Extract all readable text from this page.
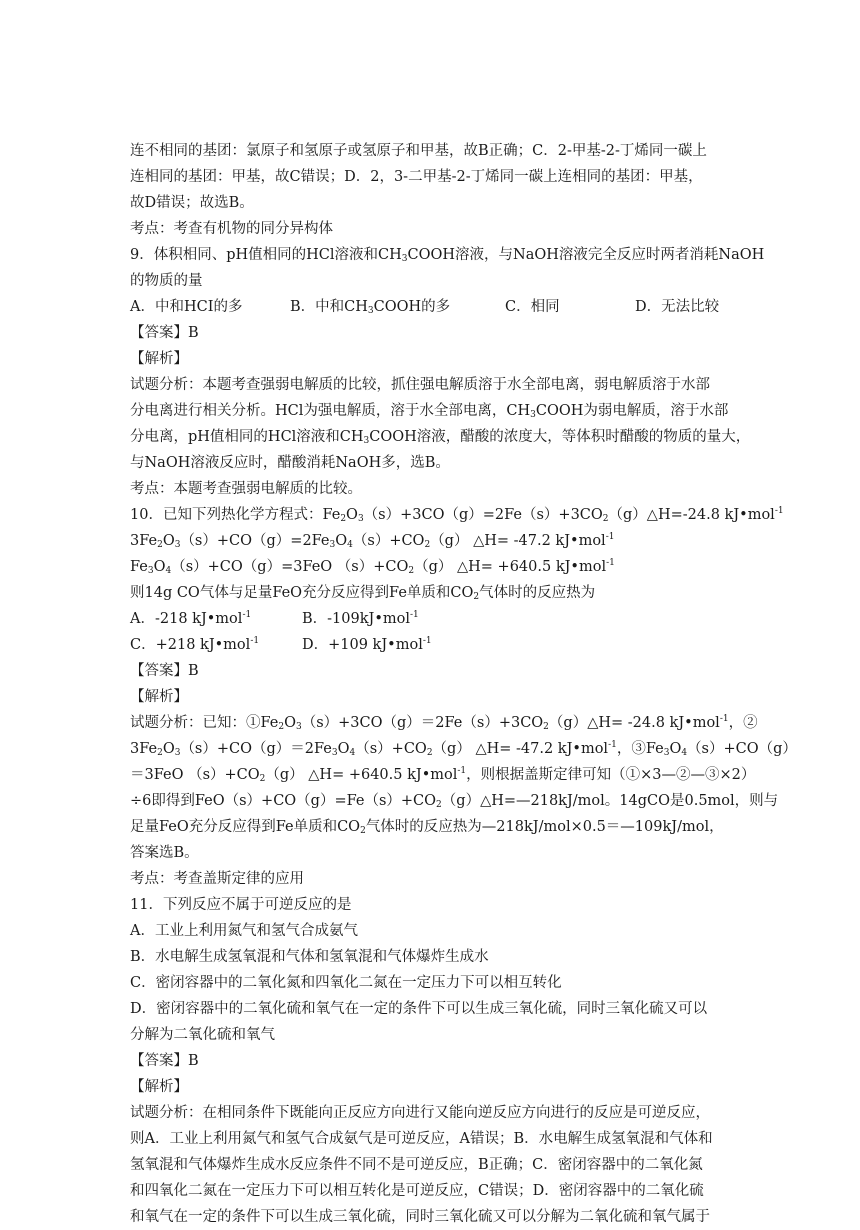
连不相同的基团：氯原子和氢原子或氢原子和甲基，故B正确；C．2-甲基-2-丁烯同一碳上
连相同的基团：甲基，故C错误；D．2，3-二甲基-2-丁烯同一碳上连相同的基团：甲基，
故D错误；故选B。
考点：考查有机物的同分异构体
9．体积相同、pH值相同的HCl溶液和$CH_3COOH$溶液，与NaOH溶液完全反应时两者消耗NaOH
的物质的量
A．中和HCI的多	B．中和$CH_3COOH$的多	C．相同	D．无法比较
【答案】B
【解析】
试题分析：本题考查强弱电解质的比较，抓住强电解质溶于水全部电离，弱电解质溶于水部
分电离进行相关分析。HCl为强电解质，溶于水全部电离，$CH_3COOH$为弱电解质，溶于水部
分电离，pH值相同的HCl溶液和$CH_3COOH$溶液，醋酸的浓度大，等体积时醋酸的物质的量大，
与NaOH溶液反应时，醋酸消耗NaOH多，选B。
考点：本题考查强弱电解质的比较。
10．已知下列热化学方程式：$Fe_2O_3(s)+3CO(g)=2Fe(s)+3CO_2(g)\triangle H=-24.8$ kJ•mol$^{-1}$
$3Fe_2O_3(s)+CO(g)=2Fe_3O_4(s)+CO_2(g)$ △H= -47.2 kJ•mol$^{-1}$
$Fe_3O_4(s)+CO(g)=3FeO$ $(s)+CO_2(g)$ △H= +640.5 kJ•mol$^{-1}$
则14g CO气体与足量FeO充分反应得到Fe单质和$CO_2$气体时的反应热为
A．-218 kJ•mol$^{-1}$	B．-109kJ•mol$^{-1}$
C．+218 kJ•mol$^{-1}$	D．+109 kJ•mol$^{-1}$
【答案】B
【解析】
试题分析：已知：$①Fe_2O_3(s)+3CO(g)=2Fe(s)+3CO_2(g)\triangle H= -24.8$ kJ•mol$^{-1}$，②
$3Fe_2O_3(s)+CO(g)=2Fe_3O_4(s)+CO_2(g)$ △H= -47.2 kJ•mol$^{-1}$，$③Fe_3O_4(s)+CO(g)$
＝3FeO $(s)+CO_2(g)$ △H= +640.5 kJ•mol$^{-1}$，则根据盖斯定律可知（①×3—②—③×2）
÷6即得到$FeO(s)+CO(g)=Fe(s)+CO_2(g)\triangle H=—218kJ$/mol。14gCO是0.5mol，则与
足量FeO充分反应得到Fe单质和$CO_2$气体时的反应热为—218kJ/mol×0.5＝—109kJ/mol，
答案选B。
考点：考查盖斯定律的应用
11．下列反应不属于可逆反应的是
A．工业上利用氮气和氢气合成氨气
B．水电解生成氢氧混和气体和氢氧混和气体爆炸生成水
C．密闭容器中的二氧化氮和四氧化二氮在一定压力下可以相互转化
D．密闭容器中的二氧化硫和氧气在一定的条件下可以生成三氧化硫，同时三氧化硫又可以
分解为二氧化硫和氧气
【答案】B
【解析】
试题分析：在相同条件下既能向正反应方向进行又能向逆反应方向进行的反应是可逆反应，
则A．工业上利用氮气和氢气合成氨气是可逆反应，A错误；B．水电解生成氢氧混和气体和
氢氧混和气体爆炸生成水反应条件不同不是可逆反应，B正确；C．密闭容器中的二氧化氮
和四氧化二氮在一定压力下可以相互转化是可逆反应，C错误；D．密闭容器中的二氧化硫
和氧气在一定的条件下可以生成三氧化硫，同时三氧化硫又可以分解为二氧化硫和氧气属于
